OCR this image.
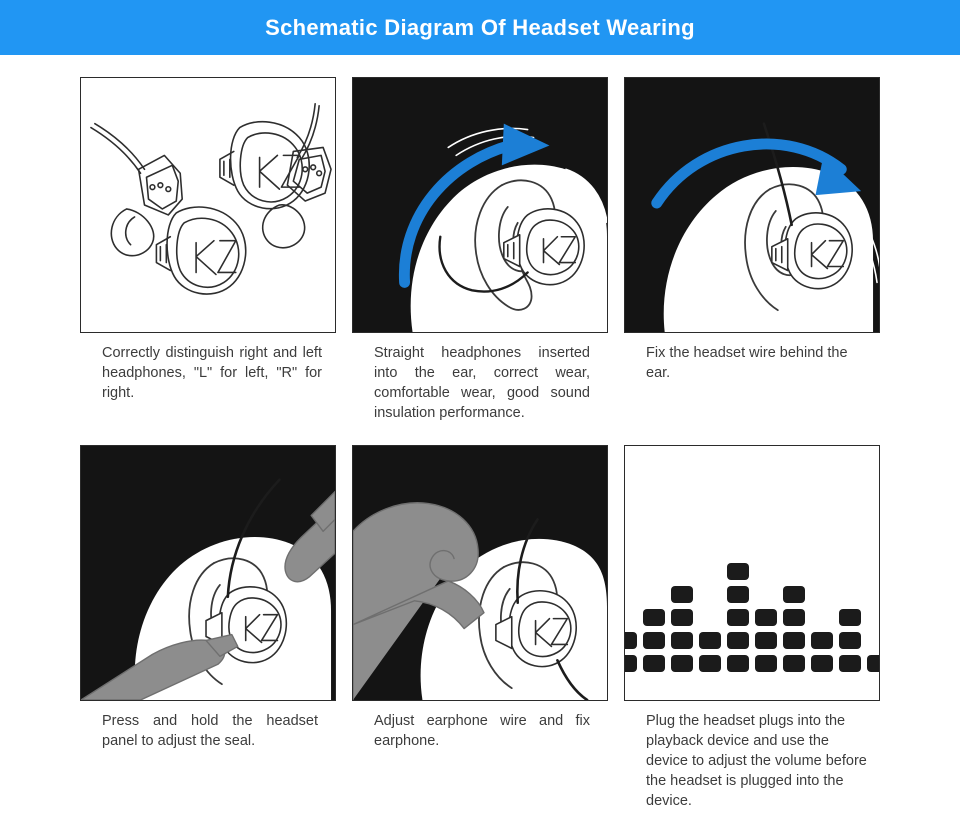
Schematic Diagram Of Headset Wearing
Correctly distinguish right and left headphones, "L" for left, "R" for right.
Straight headphones inserted into the ear, correct wear, comfortable wear, good sound insulation performance.
Fix the headset wire behind the ear.
Press and hold the headset panel to adjust the seal.
Adjust earphone wire and fix earphone.
Plug the headset plugs into the playback device and use the device to adjust the volume before the headset is plugged into the device.
